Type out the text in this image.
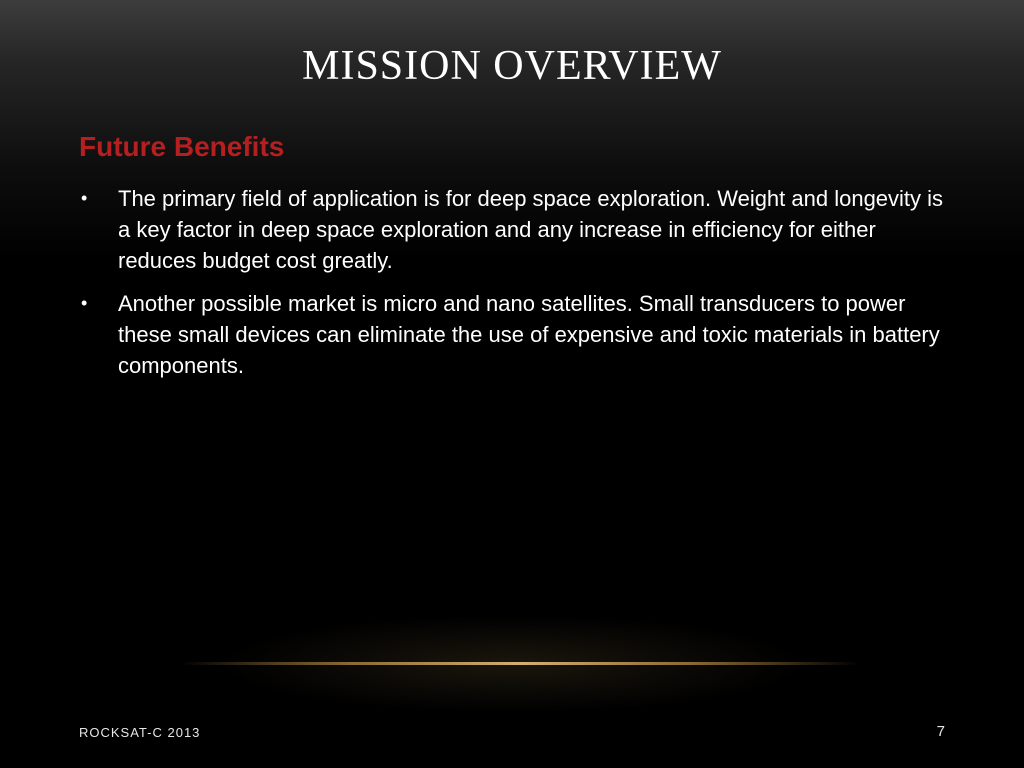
MISSION OVERVIEW
Future Benefits
• The primary field of application is for deep space exploration. Weight and longevity is a key factor in deep space exploration and any increase in efficiency for either reduces budget cost greatly.
• Another possible market is micro and nano satellites. Small transducers to power these small devices can eliminate the use of expensive and toxic materials in battery components.
ROCKSAT-C 2013	7
